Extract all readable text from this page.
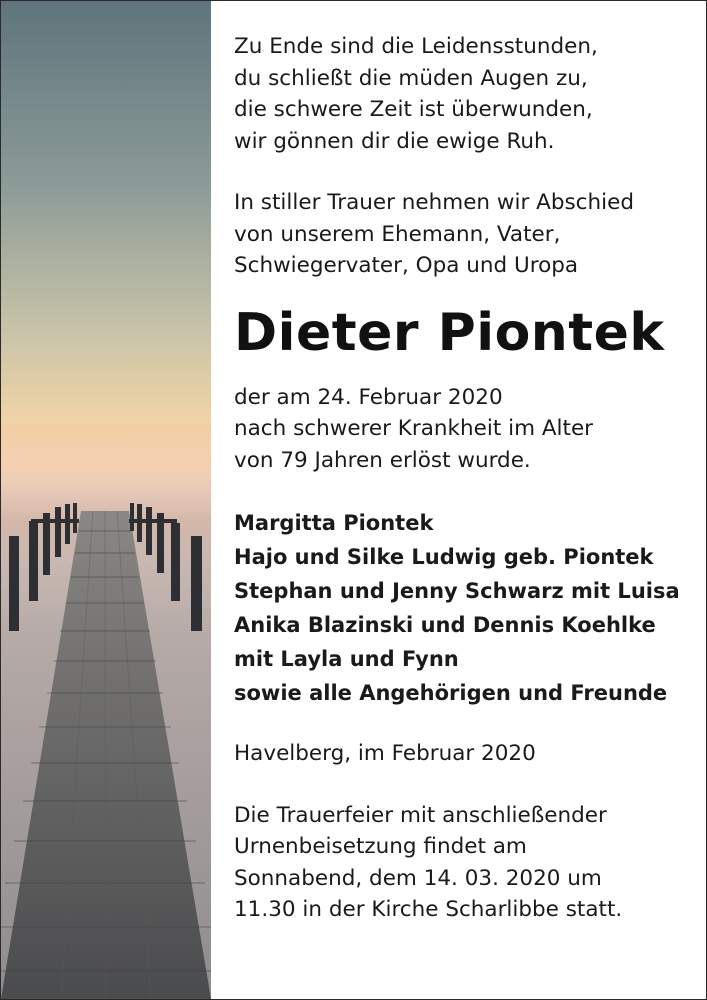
Zu Ende sind die Leidensstunden,
du schließt die müden Augen zu,
die schwere Zeit ist überwunden,
wir gönnen dir die ewige Ruh.

In stiller Trauer nehmen wir Abschied
von unserem Ehemann, Vater,
Schwiegervater, Opa und Uropa

Dieter Piontek

der am 24. Februar 2020
nach schwerer Krankheit im Alter
von 79 Jahren erlöst wurde.

Margitta Piontek
Hajo und Silke Ludwig geb. Piontek
Stephan und Jenny Schwarz mit Luisa
Anika Blazinski und Dennis Koehlke
mit Layla und Fynn
sowie alle Angehörigen und Freunde

Havelberg, im Februar 2020

Die Trauerfeier mit anschließender
Urnenbeisetzung findet am
Sonnabend, dem 14. 03. 2020 um
11.30 in der Kirche Scharlibbe statt.
